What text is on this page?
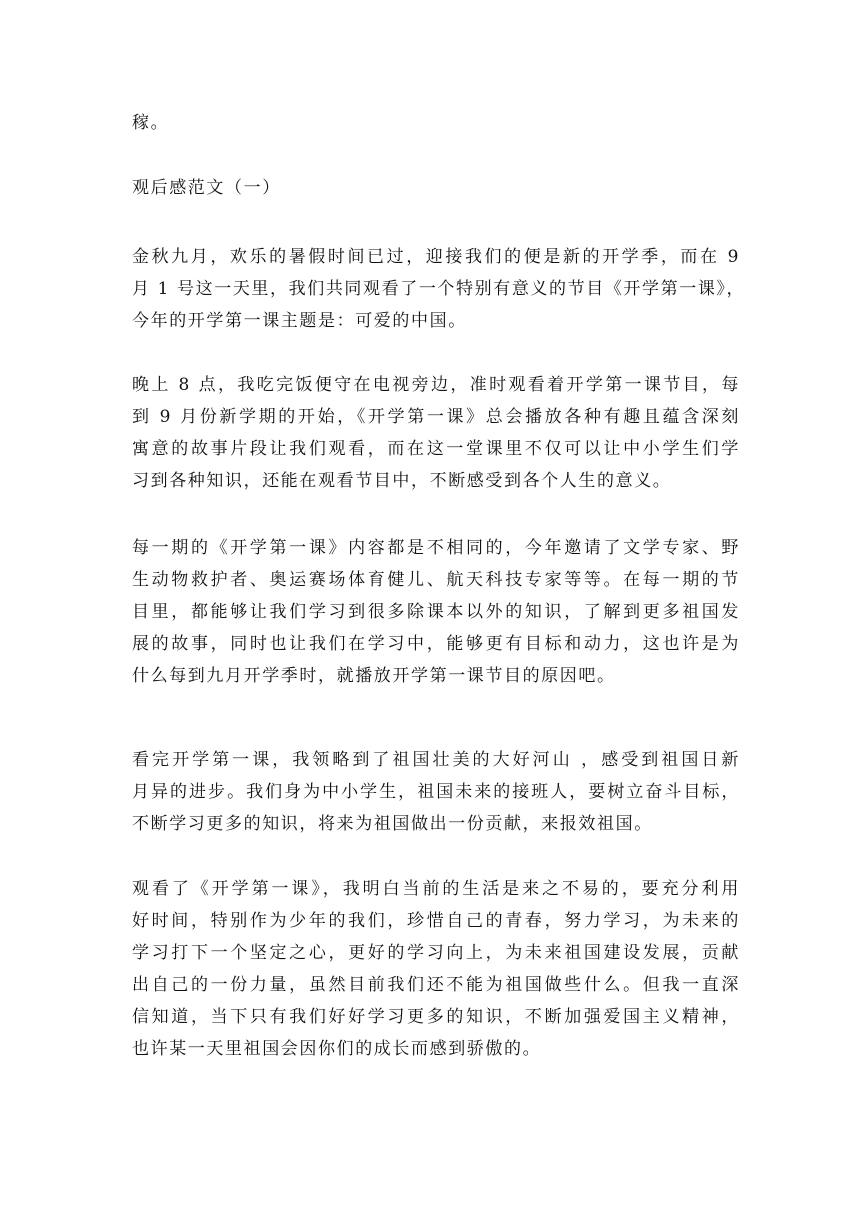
稼。

观后感范文（一）

金秋九月，欢乐的暑假时间已过，迎接我们的便是新的开学季，而在 9
月 1 号这一天里，我们共同观看了一个特别有意义的节目《开学第一课》，
今年的开学第一课主题是：可爱的中国。

晚上 8 点，我吃完饭便守在电视旁边，准时观看着开学第一课节目，每
到 9 月份新学期的开始，《开学第一课》总会播放各种有趣且蕴含深刻
寓意的故事片段让我们观看，而在这一堂课里不仅可以让中小学生们学
习到各种知识，还能在观看节目中，不断感受到各个人生的意义。

每一期的《开学第一课》内容都是不相同的，今年邀请了文学专家、野
生动物救护者、奥运赛场体育健儿、航天科技专家等等。在每一期的节
目里，都能够让我们学习到很多除课本以外的知识，了解到更多祖国发
展的故事，同时也让我们在学习中，能够更有目标和动力，这也许是为
什么每到九月开学季时，就播放开学第一课节目的原因吧。

看完开学第一课，我领略到了祖国壮美的大好河山 ，感受到祖国日新
月异的进步。我们身为中小学生，祖国未来的接班人，要树立奋斗目标，
不断学习更多的知识，将来为祖国做出一份贡献，来报效祖国。

观看了《开学第一课》，我明白当前的生活是来之不易的，要充分利用
好时间，特别作为少年的我们，珍惜自己的青春，努力学习，为未来的
学习打下一个坚定之心，更好的学习向上，为未来祖国建设发展，贡献
出自己的一份力量，虽然目前我们还不能为祖国做些什么。但我一直深
信知道，当下只有我们好好学习更多的知识，不断加强爱国主义精神，
也许某一天里祖国会因你们的成长而感到骄傲的。
